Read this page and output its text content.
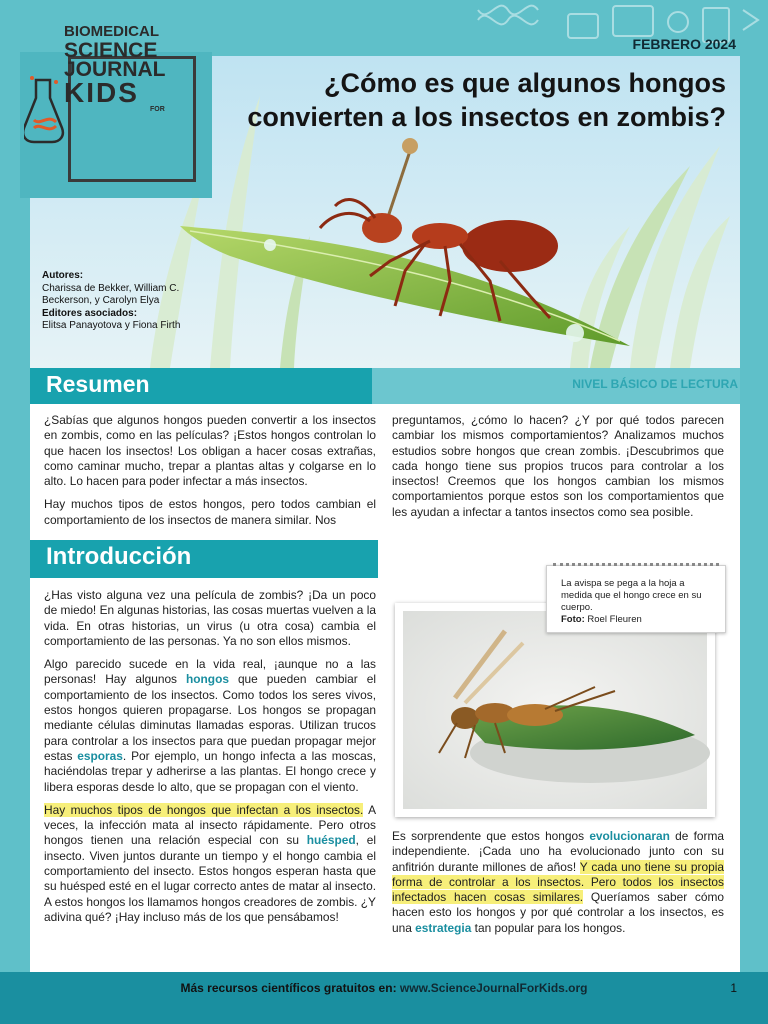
FEBRERO 2024
BIOMEDICAL
SCIENCE
JOURNAL
KIDS
FOR
¿Cómo es que algunos hongos
convierten a los insectos en zombis?
Autores:
Charissa de Bekker, William C. Beckerson, y Carolyn Elya
Editores asociados:
Elitsa Panayotova y Fiona Firth
Resumen	NIVEL BÁSICO DE LECTURA

¿Sabías que algunos hongos pueden convertir a los insectos en zombis, como en las películas? ¡Estos hongos controlan lo que hacen los insectos! Los obligan a hacer cosas extrañas, como caminar mucho, trepar a plantas altas y colgarse en lo alto. Lo hacen para poder infectar a más insectos.

Hay muchos tipos de estos hongos, pero todos cambian el comportamiento de los insectos de manera similar. Nos

preguntamos, ¿cómo lo hacen? ¿Y por qué todos parecen cambiar los mismos comportamientos? Analizamos muchos estudios sobre hongos que crean zombis. ¡Descubrimos que cada hongo tiene sus propios trucos para controlar a los insectos! Creemos que los hongos cambian los mismos comportamientos porque estos son los comportamientos que les ayudan a infectar a tantos insectos como sea posible.

Introducción

¿Has visto alguna vez una película de zombis? ¡Da un poco de miedo! En algunas historias, las cosas muertas vuelven a la vida. En otras historias, un virus (u otra cosa) cambia el comportamiento de las personas. Ya no son ellos mismos.

Algo parecido sucede en la vida real, ¡aunque no a las personas! Hay algunos hongos que pueden cambiar el comportamiento de los insectos. Como todos los seres vivos, estos hongos quieren propagarse. Los hongos se propagan mediante células diminutas llamadas esporas. Utilizan trucos para controlar a los insectos para que puedan propagar mejor estas esporas. Por ejemplo, un hongo infecta a las moscas, haciéndolas trepar y adherirse a las plantas. El hongo crece y libera esporas desde lo alto, que se propagan con el viento.

Hay muchos tipos de hongos que infectan a los insectos. A veces, la infección mata al insecto rápidamente. Pero otros hongos tienen una relación especial con su huésped, el insecto. Viven juntos durante un tiempo y el hongo cambia el comportamiento del insecto. Estos hongos esperan hasta que su huésped esté en el lugar correcto antes de matar al insecto. A estos hongos los llamamos hongos creadores de zombis. ¿Y adivina qué? ¡Hay incluso más de los que pensábamos!

La avispa se pega a la hoja a medida que el hongo crece en su cuerpo.
Foto: Roel Fleuren

Es sorprendente que estos hongos evolucionaran de forma independiente. ¡Cada uno ha evolucionado junto con su anfitrión durante millones de años! Y cada uno tiene su propia forma de controlar a los insectos. Pero todos los insectos infectados hacen cosas similares. Queríamos saber cómo hacen esto los hongos y por qué controlar a los insectos, es una estrategia tan popular para los hongos.

Más recursos científicos gratuitos en: www.ScienceJournalForKids.org	1
